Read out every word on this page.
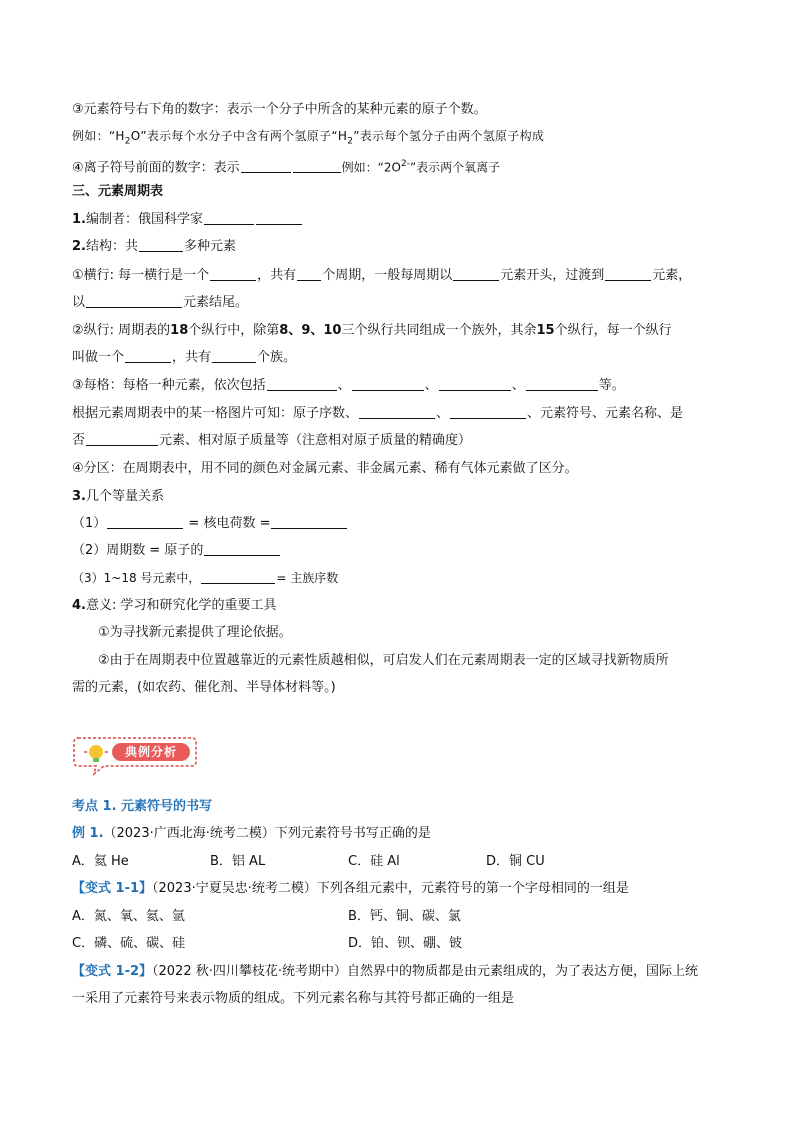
③元素符号右下角的数字：表示一个分子中所含的某种元素的原子个数。
例如：“$H_2O$”表示每个水分子中含有两个氢原子“$H_2$”表示每个氢分子由两个氢原子构成
④离子符号前面的数字：表示	例如：“$2O^{2-}$”表示两个氧离子
三、元素周期表
1.编制者：俄国科学家
2.结构：共	多种元素
①横行: 每一横行是一个	，共有 个周期，一般每周期以	元素开头，过渡到	元素，
以	元素结尾。
②纵行: 周期表的18个纵行中，除第8、9、10三个纵行共同组成一个族外，其余15个纵行，每一个纵行
叫做一个	，共有	个族。
③每格：每格一种元素，依次包括	、	、	、	等。
根据元素周期表中的某一格图片可知：原子序数、	、	、元素符号、元素名称、是
否	元素、相对原子质量等（注意相对原子质量的精确度）
④分区：在周期表中，用不同的颜色对金属元素、非金属元素、稀有气体元素做了区分。
3.几个等量关系
（1）	= 核电荷数 =
（2）周期数 = 原子的
（3）1~18 号元素中，	= 主族序数
4.意义: 学习和研究化学的重要工具
①为寻找新元素提供了理论依据。
②由于在周期表中位置越靠近的元素性质越相似，可启发人们在元素周期表一定的区域寻找新物质所
需的元素，(如农药、催化剂、半导体材料等。)
典例分析
考点 1. 元素符号的书写
例 1.（2023·广西北海·统考二模）下列元素符号书写正确的是
A．氦 He	B．铝 AL	C．硅 Al	D．铜 CU
【变式 1-1】（2023·宁夏吴忠·统考二模）下列各组元素中，元素符号的第一个字母相同的一组是
A．氮、氧、氦、氩	B．钙、铜、碳、氯
C．磷、硫、碳、硅	D．铂、钡、硼、铍
【变式 1-2】（2022 秋·四川攀枝花·统考期中）自然界中的物质都是由元素组成的，为了表达方便，国际上统
一采用了元素符号来表示物质的组成。下列元素名称与其符号都正确的一组是
